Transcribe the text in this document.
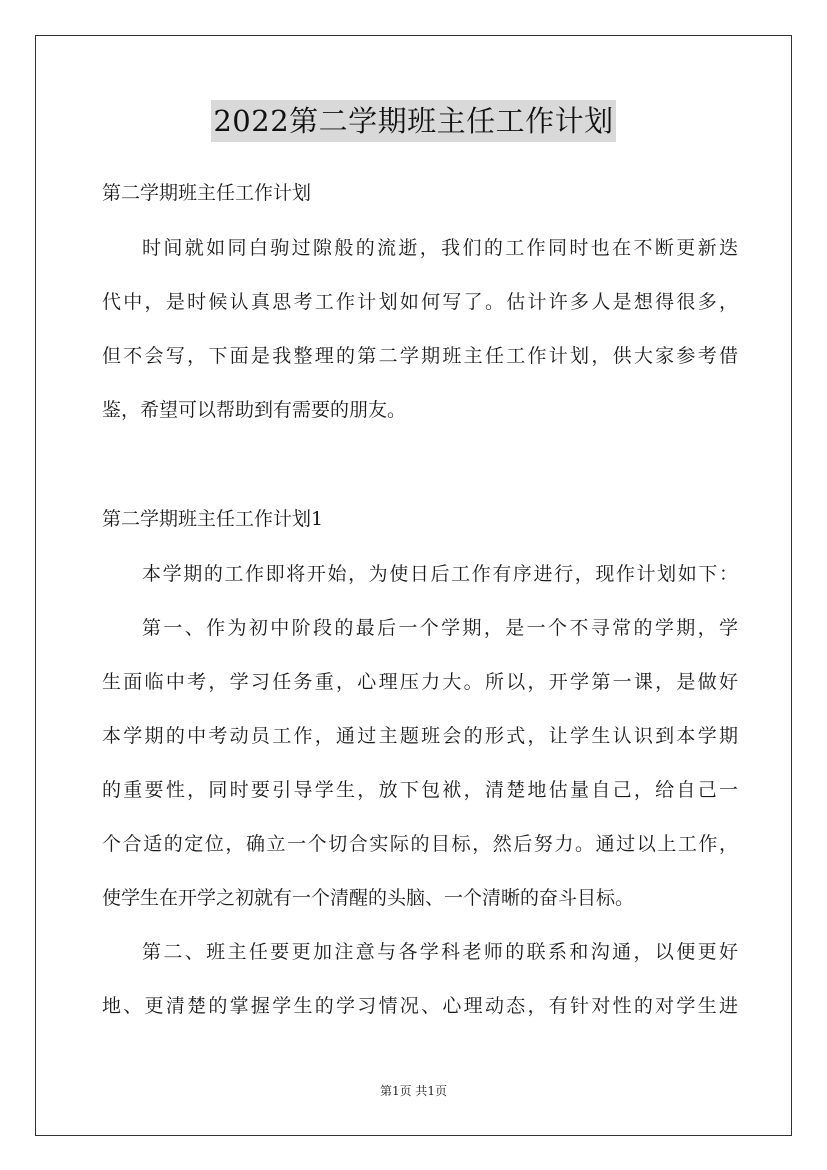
2022第二学期班主任工作计划
第二学期班主任工作计划
时间就如同白驹过隙般的流逝，我们的工作同时也在不断更新迭
代中，是时候认真思考工作计划如何写了。估计许多人是想得很多，
但不会写，下面是我整理的第二学期班主任工作计划，供大家参考借
鉴，希望可以帮助到有需要的朋友。
第二学期班主任工作计划1
本学期的工作即将开始，为使日后工作有序进行，现作计划如下：
第一、作为初中阶段的最后一个学期，是一个不寻常的学期，学
生面临中考，学习任务重，心理压力大。所以，开学第一课，是做好
本学期的中考动员工作，通过主题班会的形式，让学生认识到本学期
的重要性，同时要引导学生，放下包袱，清楚地估量自己，给自己一
个合适的定位，确立一个切合实际的目标，然后努力。通过以上工作，
使学生在开学之初就有一个清醒的头脑、一个清晰的奋斗目标。
第二、班主任要更加注意与各学科老师的联系和沟通，以便更好
地、更清楚的掌握学生的学习情况、心理动态，有针对性的对学生进
第1页 共1页
